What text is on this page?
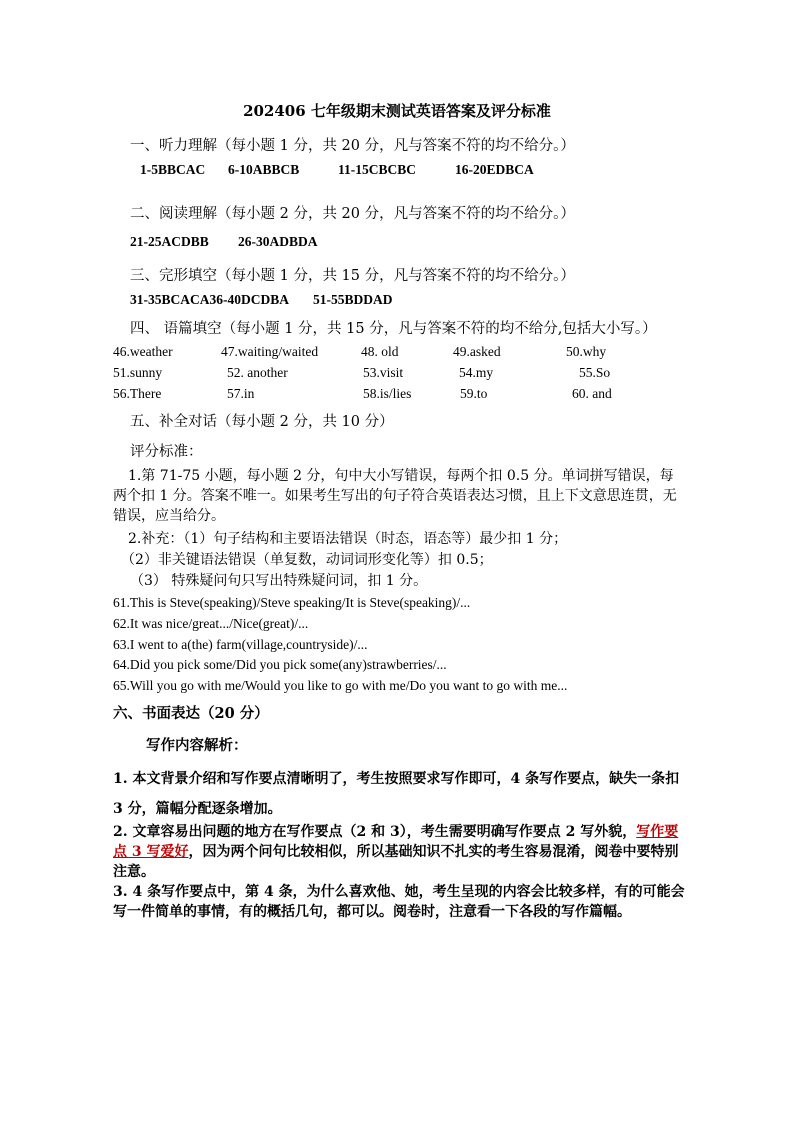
202406 七年级期末测试英语答案及评分标准
一、听力理解（每小题 1 分，共 20 分，凡与答案不符的均不给分。）
1-5BBCAC 6-10ABBCB	11-15CBCBC	16-20EDBCA
二、阅读理解（每小题 2 分，共 20 分，凡与答案不符的均不给分。）
21-25ACDBB 26-30ADBDA
三、完形填空（每小题 1 分，共 15 分，凡与答案不符的均不给分。）
31-35BCACA36-40DCDBA 51-55BDDAD
四、 语篇填空（每小题 1 分，共 15 分，凡与答案不符的均不给分,包括大小写。）
46.weather	47.waiting/waited	48. old	49.asked	50.why
51.sunny	52. another	53.visit	54.my	55.So
56.There	57.in	58.is/lies	59.to	60. and
五、补全对话（每小题 2 分，共 10 分）
评分标准：
1.第 71-75 小题，每小题 2 分，句中大小写错误，每两个扣 0.5 分。单词拼写错误，每两个扣 1 分。答案不唯一。如果考生写出的句子符合英语表达习惯，且上下文意思连贯，无错误，应当给分。
2.补充：（1）句子结构和主要语法错误（时态，语态等）最少扣 1 分；
（2）非关键语法错误（单复数，动词词形变化等）扣 0.5；
（3） 特殊疑问句只写出特殊疑问词，扣 1 分。
61.This is Steve(speaking)/Steve speaking/It is Steve(speaking)/...
62.It was nice/great.../Nice(great)/...
63.I went to a(the) farm(village,countryside)/...
64.Did you pick some/Did you pick some(any)strawberries/...
65.Will you go with me/Would you like to go with me/Do you want to go with me...
六、书面表达（20 分）
写作内容解析：
1. 本文背景介绍和写作要点清晰明了，考生按照要求写作即可，4 条写作要点，缺失一条扣 3 分，篇幅分配逐条增加。
2. 文章容易出问题的地方在写作要点（2 和 3），考生需要明确写作要点 2 写外貌，写作要点 3 写爱好，因为两个问句比较相似，所以基础知识不扎实的考生容易混淆，阅卷中要特别注意。
3. 4 条写作要点中，第 4 条，为什么喜欢他、她，考生呈现的内容会比较多样，有的可能会写一件简单的事情，有的概括几句，都可以。阅卷时，注意看一下各段的写作篇幅。
